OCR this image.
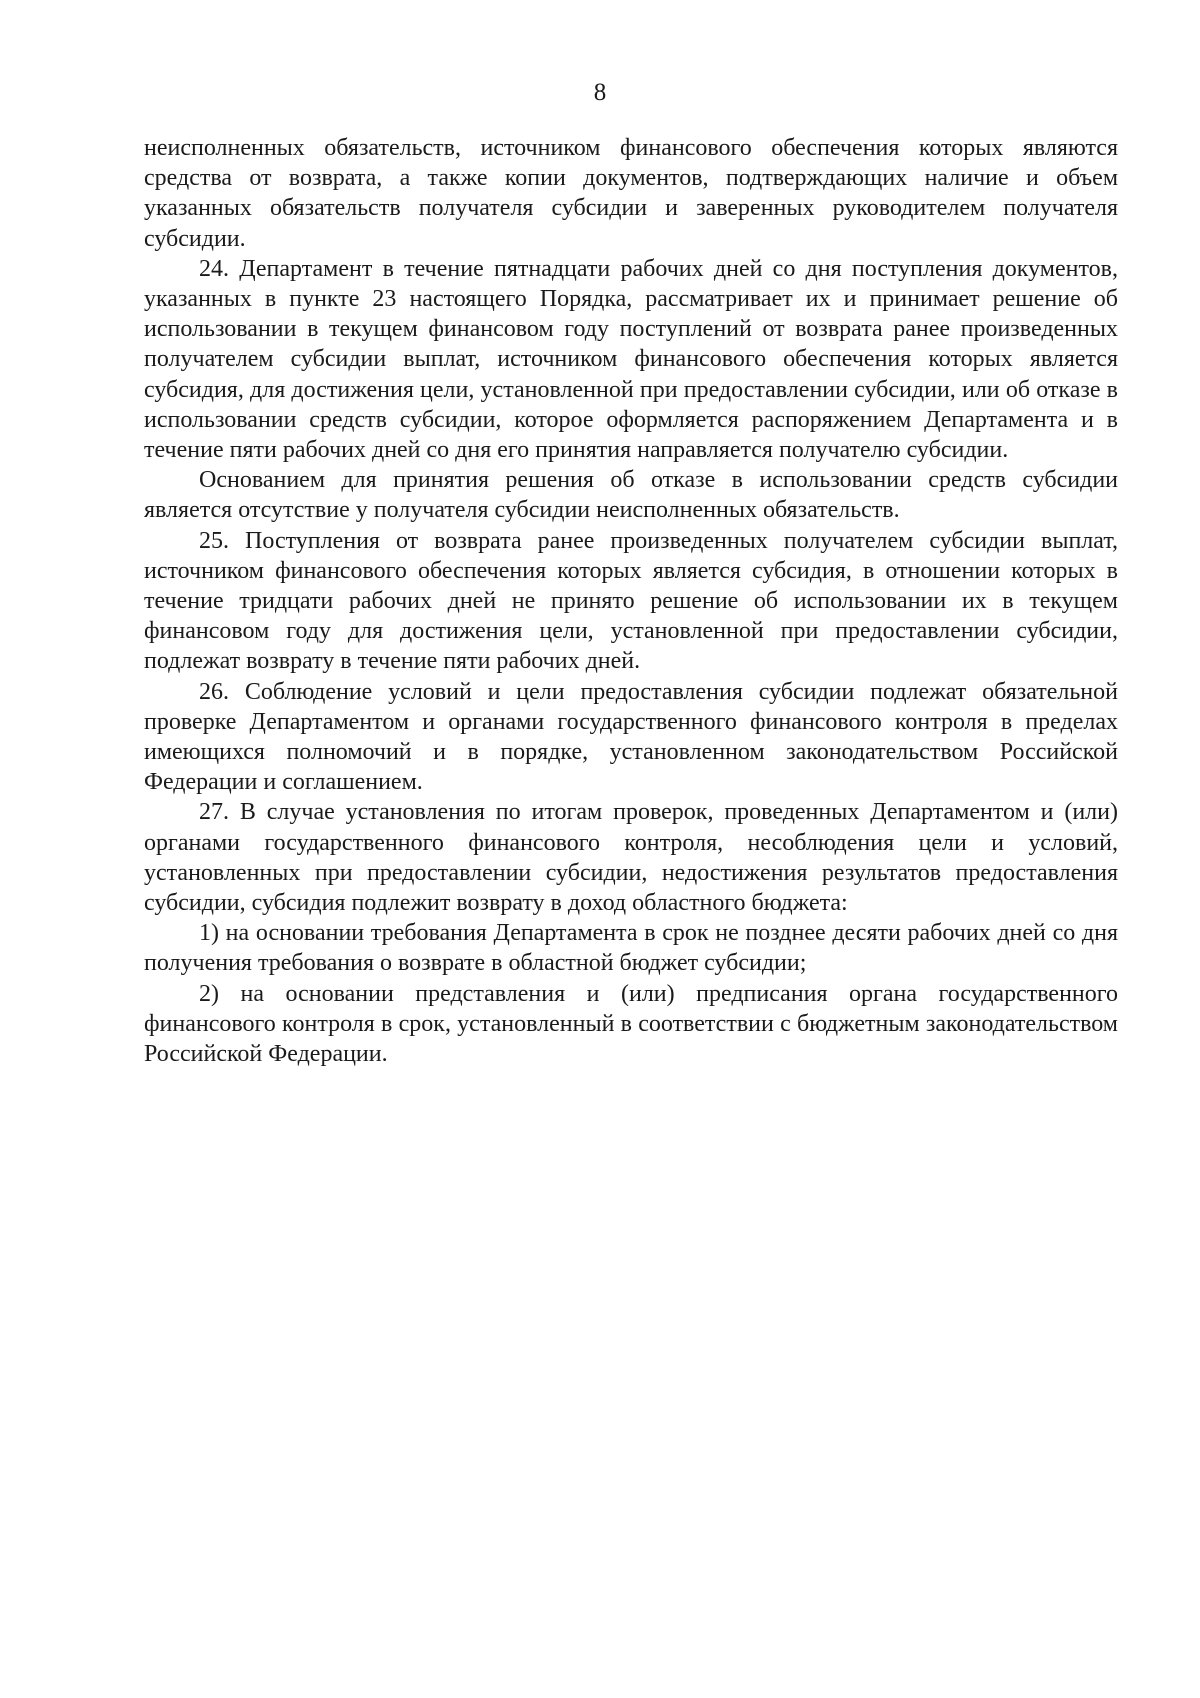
8

неисполненных обязательств, источником финансового обеспечения которых являются средства от возврата, а также копии документов, подтверждающих наличие и объем указанных обязательств получателя субсидии и заверенных руководителем получателя субсидии.

24. Департамент в течение пятнадцати рабочих дней со дня поступления документов, указанных в пункте 23 настоящего Порядка, рассматривает их и принимает решение об использовании в текущем финансовом году поступлений от возврата ранее произведенных получателем субсидии выплат, источником финансового обеспечения которых является субсидия, для достижения цели, установленной при предоставлении субсидии, или об отказе в использовании средств субсидии, которое оформляется распоряжением Департамента и в течение пяти рабочих дней со дня его принятия направляется получателю субсидии.

Основанием для принятия решения об отказе в использовании средств субсидии является отсутствие у получателя субсидии неисполненных обязательств.

25. Поступления от возврата ранее произведенных получателем субсидии выплат, источником финансового обеспечения которых является субсидия, в отношении которых в течение тридцати рабочих дней не принято решение об использовании их в текущем финансовом году для достижения цели, установленной при предоставлении субсидии, подлежат возврату в течение пяти рабочих дней.

26. Соблюдение условий и цели предоставления субсидии подлежат обязательной проверке Департаментом и органами государственного финансового контроля в пределах имеющихся полномочий и в порядке, установленном законодательством Российской Федерации и соглашением.

27. В случае установления по итогам проверок, проведенных Департаментом и (или) органами государственного финансового контроля, несоблюдения цели и условий, установленных при предоставлении субсидии, недостижения результатов предоставления субсидии, субсидия подлежит возврату в доход областного бюджета:

1) на основании требования Департамента в срок не позднее десяти рабочих дней со дня получения требования о возврате в областной бюджет субсидии;

2) на основании представления и (или) предписания органа государственного финансового контроля в срок, установленный в соответствии с бюджетным законодательством Российской Федерации.
